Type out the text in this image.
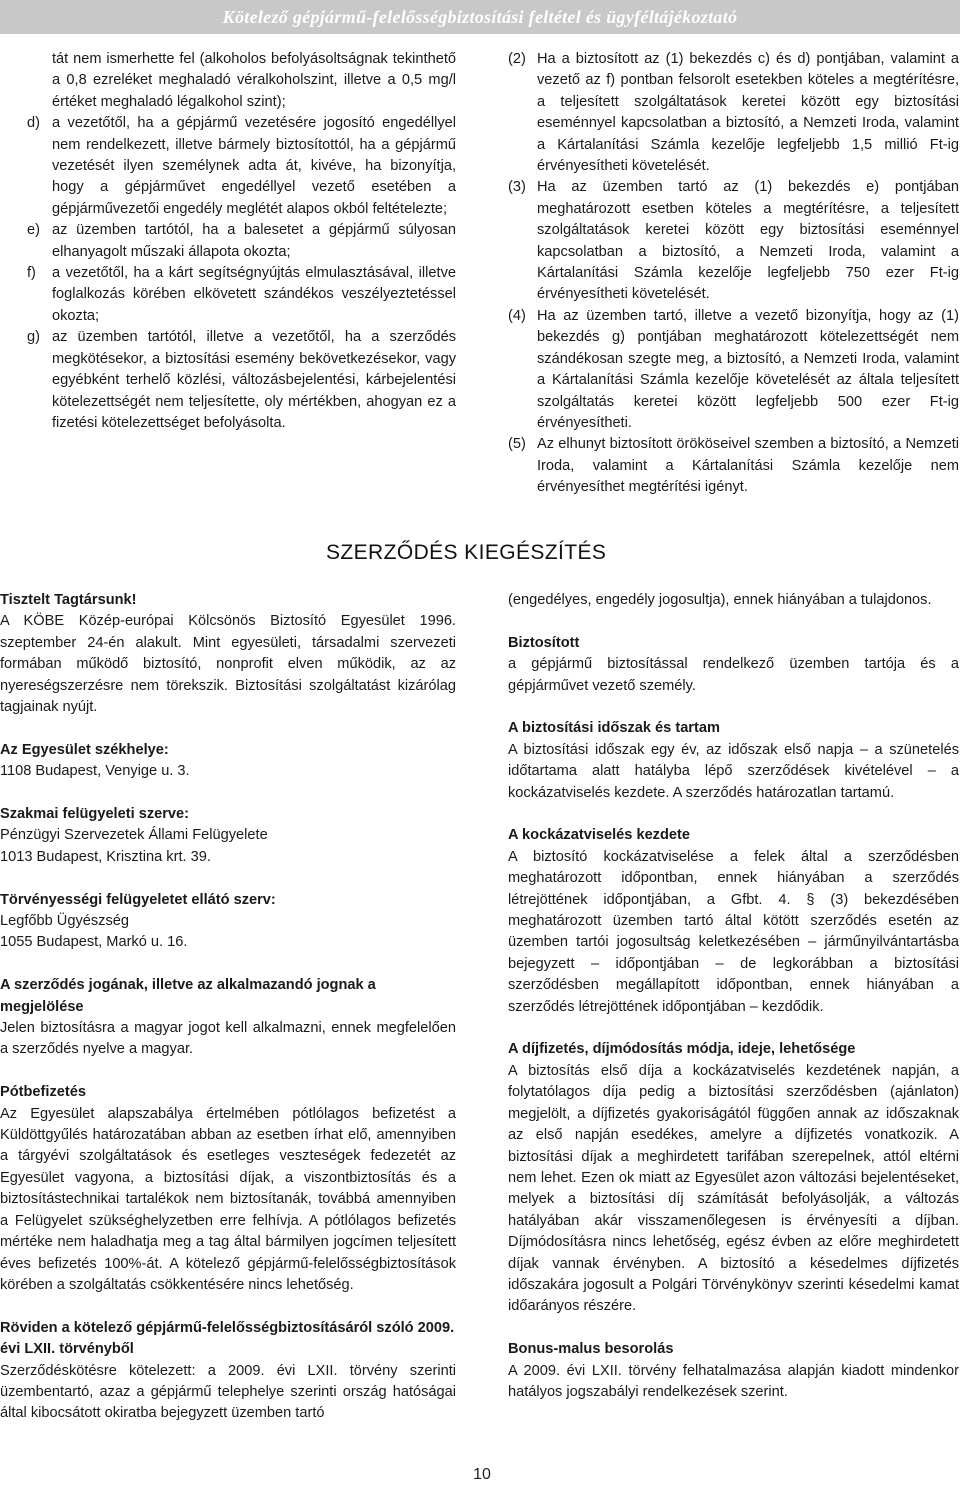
Kötelező gépjármű-felelősségbiztosítási feltétel és ügyféltájékoztató
tát nem ismerhette fel (alkoholos befolyásoltságnak tekinthető a 0,8 ezreléket meghaladó véralkoholszint, illetve a 0,5 mg/l értéket meghaladó légalkohol szint);
d) a vezetőtől, ha a gépjármű vezetésére jogosító engedéllyel nem rendelkezett, illetve bármely biztosítottól, ha a gépjármű vezetését ilyen személynek adta át, kivéve, ha bizonyítja, hogy a gépjárművet engedéllyel vezető esetében a gépjárművezetői engedély meglétét alapos okból feltételezte;
e) az üzemben tartótól, ha a balesetet a gépjármű súlyosan elhanyagolt műszaki állapota okozta;
f) a vezetőtől, ha a kárt segítségnyújtás elmulasztásával, illetve foglalkozás körében elkövetett szándékos veszélyeztetéssel okozta;
g) az üzemben tartótól, illetve a vezetőtől, ha a szerződés megkötésekor, a biztosítási esemény bekövetkezésekor, vagy egyébként terhelő közlési, változásbejelentési, kárbejelentési kötelezettségét nem teljesítette, oly mértékben, ahogyan ez a fizetési kötelezettséget befolyásolta.
(2) Ha a biztosított az (1) bekezdés c) és d) pontjában, valamint a vezető az f) pontban felsorolt esetekben köteles a megtérítésre, a teljesített szolgáltatások keretei között egy biztosítási eseménnyel kapcsolatban a biztosító, a Nemzeti Iroda, valamint a Kártalanítási Számla kezelője legfeljebb 1,5 millió Ft-ig érvényesítheti követelését.
(3) Ha az üzemben tartó az (1) bekezdés e) pontjában meghatározott esetben köteles a megtérítésre, a teljesített szolgáltatások keretei között egy biztosítási eseménnyel kapcsolatban a biztosító, a Nemzeti Iroda, valamint a Kártalanítási Számla kezelője legfeljebb 750 ezer Ft-ig érvényesítheti követelését.
(4) Ha az üzemben tartó, illetve a vezető bizonyítja, hogy az (1) bekezdés g) pontjában meghatározott kötelezettségét nem szándékosan szegte meg, a biztosító, a Nemzeti Iroda, valamint a Kártalanítási Számla kezelője követelését az általa teljesített szolgáltatás keretei között legfeljebb 500 ezer Ft-ig érvényesítheti.
(5) Az elhunyt biztosított örököseivel szemben a biztosító, a Nemzeti Iroda, valamint a Kártalanítási Számla kezelője nem érvényesíthet megtérítési igényt.
SZERZŐDÉS KIEGÉSZÍTÉS
Tisztelt Tagtársunk!
A KÖBE Közép-európai Kölcsönös Biztosító Egyesület 1996. szeptember 24-én alakult. Mint egyesületi, társadalmi szervezeti formában működő biztosító, nonprofit elven működik, az az nyereségszerzésre nem törekszik. Biztosítási szolgáltatást kizárólag tagjainak nyújt.
Az Egyesület székhelye:
1108 Budapest, Venyige u. 3.
Szakmai felügyeleti szerve:
Pénzügyi Szervezetek Állami Felügyelete
1013 Budapest, Krisztina krt. 39.
Törvényességi felügyeletet ellátó szerv:
Legfőbb Ügyészség
1055 Budapest, Markó u. 16.
A szerződés jogának, illetve az alkalmazandó jognak a megjelölése
Jelen biztosításra a magyar jogot kell alkalmazni, ennek megfelelően a szerződés nyelve a magyar.
Pótbefizetés
Az Egyesület alapszabálya értelmében pótlólagos befizetést a Küldöttgyűlés határozatában abban az esetben írhat elő, amennyiben a tárgyévi szolgáltatások és esetleges veszteségek fedezetét az Egyesület vagyona, a biztosítási díjak, a viszontbiztosítás és a biztosítástechnikai tartalékok nem biztosítanák, továbbá amennyiben a Felügyelet szükséghelyzetben erre felhívja. A pótlólagos befizetés mértéke nem haladhatja meg a tag által bármilyen jogcímen teljesített éves befizetés 100%-át. A kötelező gépjármű-felelősségbiztosítások körében a szolgáltatás csökkentésére nincs lehetőség.
Röviden a kötelező gépjármű-felelősségbiztosításáról szóló 2009. évi LXII. törvényből
Szerződéskötésre kötelezett: a 2009. évi LXII. törvény szerinti üzembentartó, azaz a gépjármű telephelye szerinti ország hatóságai által kibocsátott okiratba bejegyzett üzemben tartó
(engedélyes, engedély jogosultja), ennek hiányában a tulajdonos.
Biztosított
a gépjármű biztosítással rendelkező üzemben tartója és a gépjárművet vezető személy.
A biztosítási időszak és tartam
A biztosítási időszak egy év, az időszak első napja – a szünetelés időtartama alatt hatályba lépő szerződések kivételével – a kockázatviselés kezdete. A szerződés határozatlan tartamú.
A kockázatviselés kezdete
A biztosító kockázatviselése a felek által a szerződésben meghatározott időpontban, ennek hiányában a szerződés létrejöttének időpontjában, a Gfbt. 4. § (3) bekezdésében meghatározott üzemben tartó által kötött szerződés esetén az üzemben tartói jogosultság keletkezésében – járműnyilvántartásba bejegyzett – időpontjában – de legkorábban a biztosítási szerződésben megállapított időpontban, ennek hiányában a szerződés létrejöttének időpontjában – kezdődik.
A díjfizetés, díjmódosítás módja, ideje, lehetősége
A biztosítás első díja a kockázatviselés kezdetének napján, a folytatólagos díja pedig a biztosítási szerződésben (ajánlaton) megjelölt, a díjfizetés gyakoriságától függően annak az időszaknak az első napján esedékes, amelyre a díjfizetés vonatkozik. A biztosítási díjak a meghirdetett tarifában szerepelnek, attól eltérni nem lehet. Ezen ok miatt az Egyesület azon változási bejelentéseket, melyek a biztosítási díj számítását befolyásolják, a változás hatályában akár visszamenőlegesen is érvényesíti a díjban. Díjmódosításra nincs lehetőség, egész évben az előre meghirdetett díjak vannak érvényben. A biztosító a késedelmes díjfizetés időszakára jogosult a Polgári Törvénykönyv szerinti késedelmi kamat időarányos részére.
Bonus-malus besorolás
A 2009. évi LXII. törvény felhatalmazása alapján kiadott mindenkor hatályos jogszabályi rendelkezések szerint.
10
